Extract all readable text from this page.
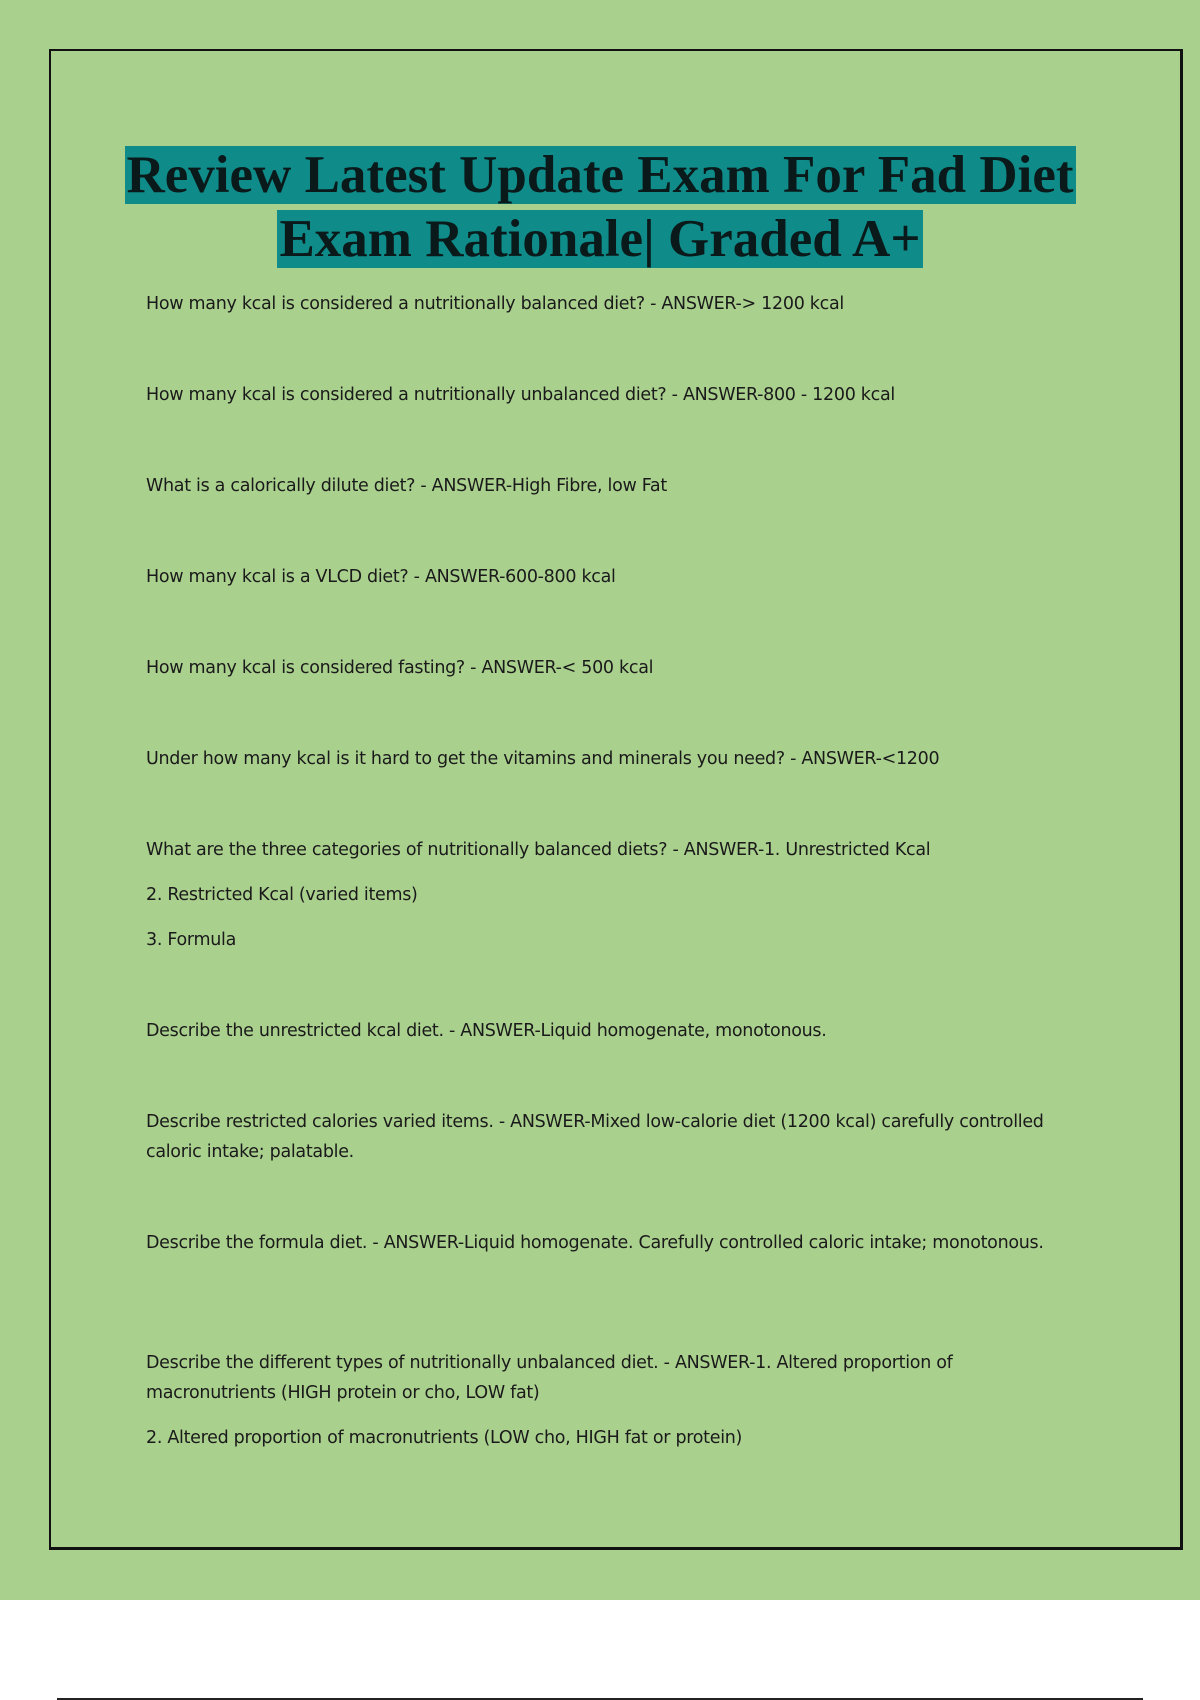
Review Latest Update Exam For Fad Diet
Exam Rationale| Graded A+

How many kcal is considered a nutritionally balanced diet? - ANSWER-> 1200 kcal

How many kcal is considered a nutritionally unbalanced diet? - ANSWER-800 - 1200 kcal

What is a calorically dilute diet? - ANSWER-High Fibre, low Fat

How many kcal is a VLCD diet? - ANSWER-600-800 kcal

How many kcal is considered fasting? - ANSWER-< 500 kcal

Under how many kcal is it hard to get the vitamins and minerals you need? - ANSWER-<1200

What are the three categories of nutritionally balanced diets? - ANSWER-1. Unrestricted Kcal

2. Restricted Kcal (varied items)

3. Formula

Describe the unrestricted kcal diet. - ANSWER-Liquid homogenate, monotonous.

Describe restricted calories varied items. - ANSWER-Mixed low-calorie diet (1200 kcal) carefully controlled caloric intake; palatable.

Describe the formula diet. - ANSWER-Liquid homogenate. Carefully controlled caloric intake; monotonous.

Describe the different types of nutritionally unbalanced diet. - ANSWER-1. Altered proportion of macronutrients (HIGH protein or cho, LOW fat)

2. Altered proportion of macronutrients (LOW cho, HIGH fat or protein)
